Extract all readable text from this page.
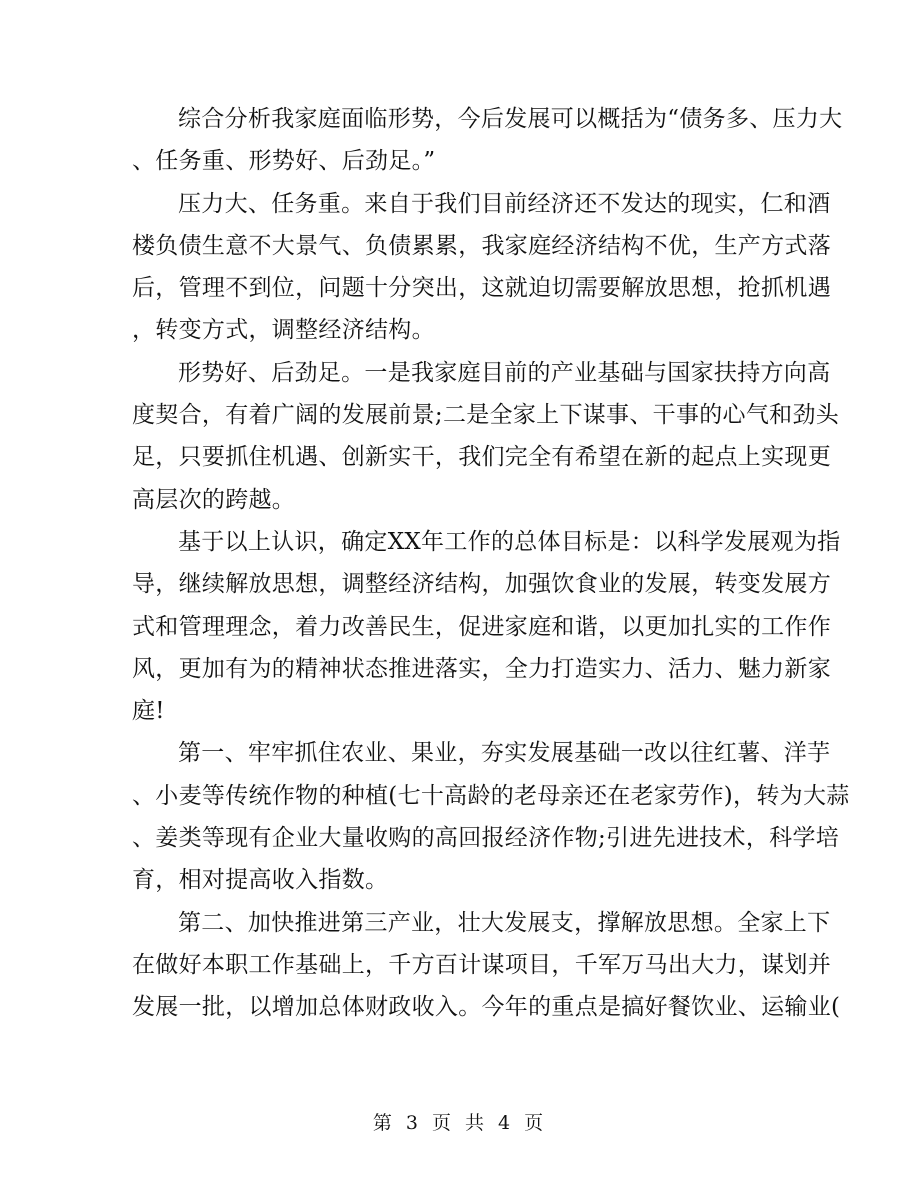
综合分析我家庭面临形势，今后发展可以概括为“债务多、压力大
、任务重、形势好、后劲足。”
压力大、任务重。来自于我们目前经济还不发达的现实，仁和酒
楼负债生意不大景气、负债累累，我家庭经济结构不优，生产方式落
后，管理不到位，问题十分突出，这就迫切需要解放思想，抢抓机遇
，转变方式，调整经济结构。
形势好、后劲足。一是我家庭目前的产业基础与国家扶持方向高
度契合，有着广阔的发展前景;二是全家上下谋事、干事的心气和劲头
足，只要抓住机遇、创新实干，我们完全有希望在新的起点上实现更
高层次的跨越。
基于以上认识，确定XX年工作的总体目标是：以科学发展观为指
导，继续解放思想，调整经济结构，加强饮食业的发展，转变发展方
式和管理理念，着力改善民生，促进家庭和谐，以更加扎实的工作作
风，更加有为的精神状态推进落实，全力打造实力、活力、魅力新家
庭!
第一、牢牢抓住农业、果业，夯实发展基础一改以往红薯、洋芋
、小麦等传统作物的种植(七十高龄的老母亲还在老家劳作)，转为大蒜
、姜类等现有企业大量收购的高回报经济作物;引进先进技术，科学培
育，相对提高收入指数。
第二、加快推进第三产业，壮大发展支，撑解放思想。全家上下
在做好本职工作基础上，千方百计谋项目，千军万马出大力，谋划并
发展一批，以增加总体财政收入。今年的重点是搞好餐饮业、运输业(
第 3 页 共 4 页
